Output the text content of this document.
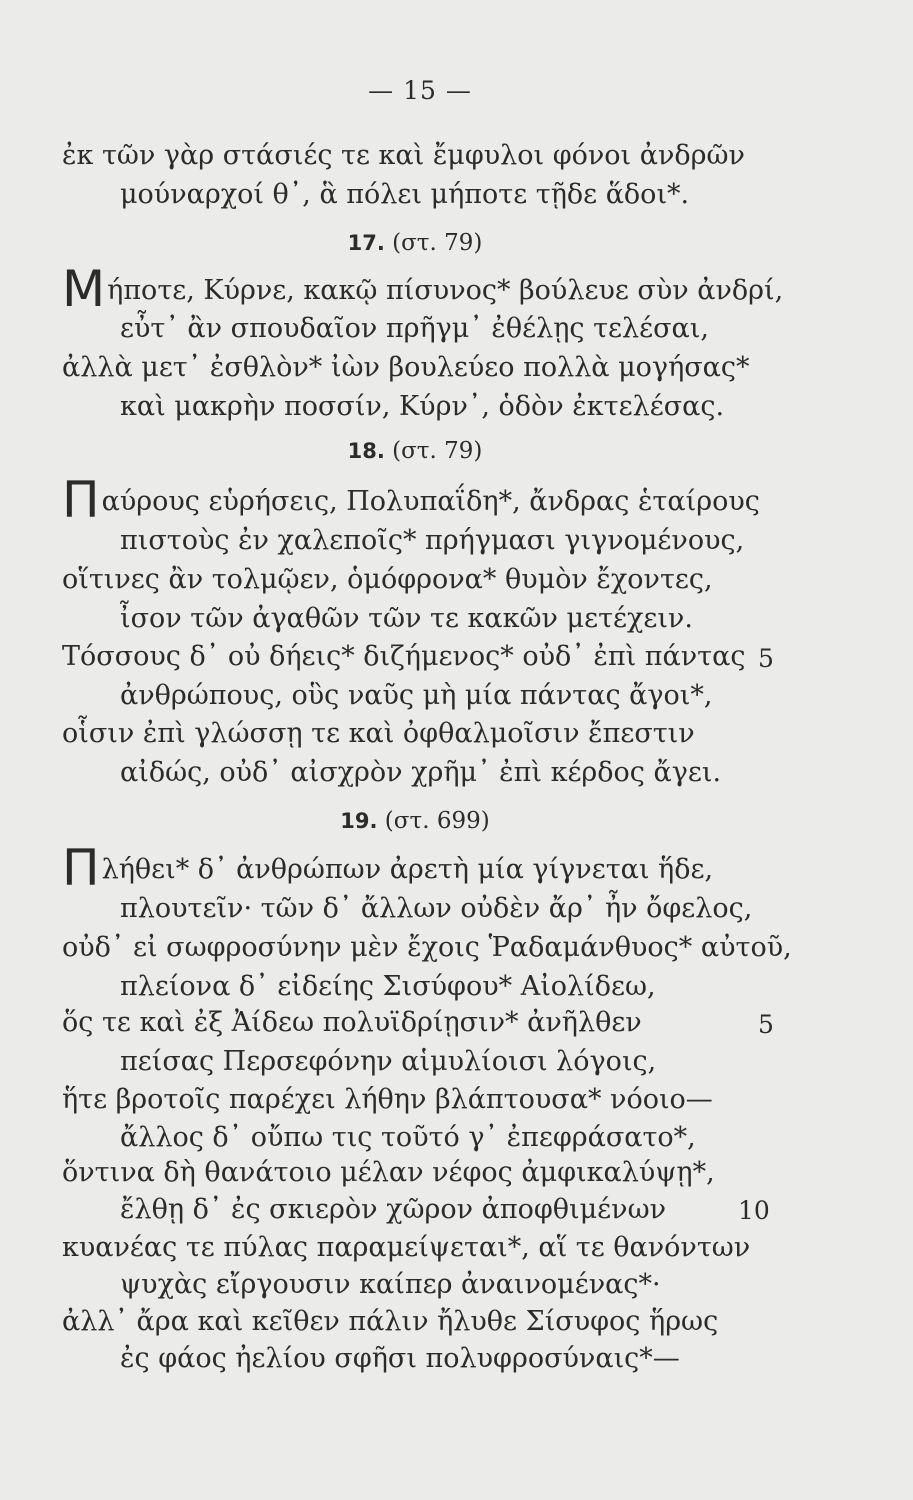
— 15 —
ἐκ τῶν γὰρ στάσιές τε καὶ ἔμφυλοι φόνοι ἀνδρῶν
μούναρχοί θ᾽, ἃ πόλει μήποτε τῇδε ἅδοι*.
17. (στ. 79)
Μήποτε, Κύρνε, κακῷ πίσυνος* βούλευε σὺν ἀνδρί,
εὖτ᾽ ἂν σπουδαῖον πρῆγμ᾽ ἐθέλῃς τελέσαι,
ἀλλὰ μετ᾽ ἐσθλὸν* ἰὼν βουλεύεο πολλὰ μογήσας*
καὶ μακρὴν ποσσίν, Κύρν᾽, ὁδὸν ἐκτελέσας.
18. (στ. 79)
Παύρους εὑρήσεις, Πολυπαΐδη*, ἄνδρας ἑταίρους
πιστοὺς ἐν χαλεποῖς* πρήγμασι γιγνομένους,
οἵτινες ἂν τολμῷεν, ὁμόφρονα* θυμὸν ἔχοντες,
ἶσον τῶν ἀγαθῶν τῶν τε κακῶν μετέχειν.
Τόσσους δ᾽ οὐ δήεις* διζήμενος* οὐδ᾽ ἐπὶ πάντας 5
ἀνθρώπους, οὓς ναῦς μὴ μία πάντας ἄγοι*,
οἷσιν ἐπὶ γλώσσῃ τε καὶ ὀφθαλμοῖσιν ἔπεστιν
αἰδώς, οὐδ᾽ αἰσχρὸν χρῆμ᾽ ἐπὶ κέρδος ἄγει.
19. (στ. 699)
Πλήθει* δ᾽ ἀνθρώπων ἀρετὴ μία γίγνεται ἥδε,
πλουτεῖν· τῶν δ᾽ ἄλλων οὐδὲν ἄρ᾽ ἦν ὄφελος,
οὐδ᾽ εἰ σωφροσύνην μὲν ἔχοις Ῥαδαμάνθυος* αὐτοῦ,
πλείονα δ᾽ εἰδείης Σισύφου* Αἰολίδεω,
ὅς τε καὶ ἐξ Ἀίδεω πολυϊδρίῃσιν* ἀνῆλθεν	5
πείσας Περσεφόνην αἱμυλίοισι λόγοις,
ἥτε βροτοῖς παρέχει λήθην βλάπτουσα* νόοιο—
ἄλλος δ᾽ οὔπω τις τοῦτό γ᾽ ἐπεφράσατο*,
ὅντινα δὴ θανάτοιο μέλαν νέφος ἀμφικαλύψῃ*,
ἔλθῃ δ᾽ ἐς σκιερὸν χῶρον ἀποφθιμένων	10
κυανέας τε πύλας παραμείψεται*, αἵ τε θανόντων
ψυχὰς εἴργουσιν καίπερ ἀναινομένας*·
ἀλλ᾽ ἄρα καὶ κεῖθεν πάλιν ἤλυθε Σίσυφος ἥρως
ἐς φάος ἠελίου σφῆσι πολυφροσύναις*—
